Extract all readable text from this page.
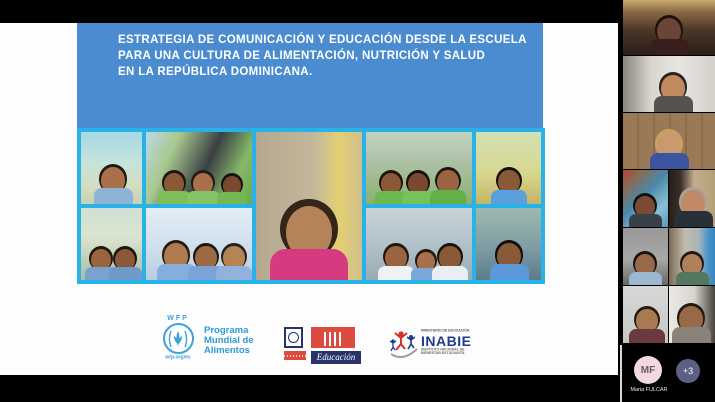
ESTRATEGIA DE COMUNICACIÓN Y EDUCACIÓN DESDE LA ESCUELA
PARA UNA CULTURA DE ALIMENTACIÓN, NUTRICIÓN Y SALUD
EN LA REPÚBLICA DOMINICANA.
WFP
wfp.org/es
Programa
Mundial de
Alimentos
Educación
MINISTERIO DE EDUCACIÓN
INABIE
INSTITUTO NACIONAL DE
BIENESTAR ESTUDIANTIL
MF
Maria FULCAR
+3
